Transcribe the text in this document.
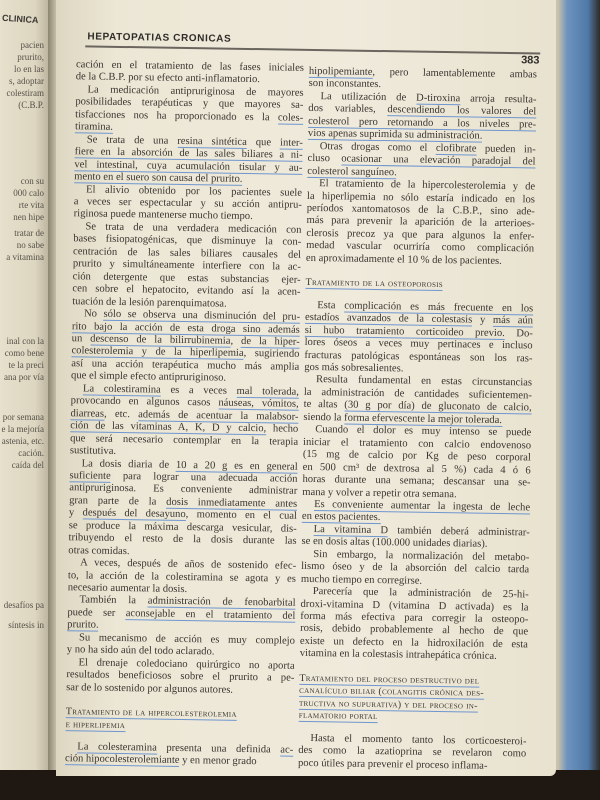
CLINICA
pacien
prurito,
lo en las
s, adoptar
colestiram
(C.B.P.
con su
000 calo
rte vita
nen hipe
tratar de
no sabe
a vitamina
inal con la
como bene
te la preci
ana por vía
por semana
e la mejoría
astenia, etc.
cación.
caída del
desafíos pa
síntesis in
HEPATOPATIAS CRONICAS
383
cación en el tratamiento de las fases iniciales
de la C.B.P. por su efecto anti-inflamatorio.
La medicación antipruriginosa de mayores
posibilidades terapéuticas y que mayores sa-
tisfacciones nos ha proporcionado es la coles-
tiramina.
Se trata de una resina sintética que inter-
fiere en la absorción de las sales biliares a ni-
vel intestinal, cuya acumulación tisular y au-
mento en el suero son causa del prurito.
El alivio obtenido por los pacientes suele
a veces ser espectacular y su acción antipru-
riginosa puede mantenerse mucho tiempo.
Se trata de una verdadera medicación con
bases fisiopatogénicas, que disminuye la con-
centración de las sales biliares causales del
prurito y simultáneamente interfiere con la ac-
ción detergente que estas substancias ejer-
cen sobre el hepatocito, evitando así la acen-
tuación de la lesión parenquimatosa.
No sólo se observa una disminución del pru-
rito bajo la acción de esta droga sino además
un descenso de la bilirrubinemia, de la hiper-
colesterolemia y de la hiperlipemia, sugiriendo
así una acción terapéutica mucho más amplia
que el simple efecto antipruriginoso.
La colestiramina es a veces mal tolerada,
provocando en algunos casos náuseas, vómitos,
diarreas, etc. además de acentuar la malabsor-
ción de las vitaminas A, K, D y calcio, hecho
que será necesario contemplar en la terapia
sustitutiva.
La dosis diaria de 10 a 20 g es en general
suficiente para lograr una adecuada acción
antipruriginosa. Es conveniente administrar
gran parte de la dosis inmediatamente antes
y después del desayuno, momento en el cual
se produce la máxima descarga vesicular, dis-
tribuyendo el resto de la dosis durante las
otras comidas.
A veces, después de años de sostenido efec-
to, la acción de la colestiramina se agota y es
necesario aumentar la dosis.
También la administración de fenobarbital
puede ser aconsejable en el tratamiento del
prurito.
Su mecanismo de acción es muy complejo
y no ha sido aún del todo aclarado.
El drenaje coledociano quirúrgico no aporta
resultados beneficiosos sobre el prurito a pe-
sar de lo sostenido por algunos autores.
Tratamiento de la hipercolesterolemia
e hiperlipemia
La colesteramina presenta una definida ac-
ción hipocolesterolemiante y en menor grado
hipolipemiante, pero lamentablemente ambas
son inconstantes.
La utilización de D-tiroxina arroja resulta-
dos variables, descendiendo los valores del
colesterol pero retornando a los niveles pre-
vios apenas suprimida su administración.
Otras drogas como el clofibrate pueden in-
cluso ocasionar una elevación paradojal del
colesterol sanguíneo.
El tratamiento de la hipercolesterolemia y de
la hiperlipemia no sólo estaría indicado en los
períodos xantomatosos de la C.B.P., sino ade-
más para prevenir la aparición de la arterioes-
clerosis precoz ya que para algunos la enfer-
medad vascular ocurriría como complicación
en aproximadamente el 10 % de los pacientes.
Tratamiento de la osteoporosis
Esta complicación es más frecuente en los
estadíos avanzados de la colestasis y más aún
si hubo tratamiento corticoideo previo. Do-
lores óseos a veces muy pertinaces e incluso
fracturas patológicas espontáneas son los ras-
gos más sobresalientes.
Resulta fundamental en estas circunstancias
la administración de cantidades suficientemen-
te altas (30 g por día) de gluconato de calcio,
siendo la forma efervescente la mejor tolerada.
Cuando el dolor es muy intenso se puede
iniciar el tratamiento con calcio endovenoso
(15 mg de calcio por Kg de peso corporal
en 500 cm³ de dextrosa al 5 %) cada 4 ó 6
horas durante una semana; descansar una se-
mana y volver a repetir otra semana.
Es conveniente aumentar la ingesta de leche
en estos pacientes.
La vitamina D también deberá administrar-
se en dosis altas (100.000 unidades diarias).
Sin embargo, la normalización del metabo-
lismo óseo y de la absorción del calcio tarda
mucho tiempo en corregirse.
Parecería que la administración de 25-hi-
droxi-vitamina D (vitamina D activada) es la
forma más efectiva para corregir la osteopo-
rosis, debido probablemente al hecho de que
existe un defecto en la hidroxilación de esta
vitamina en la colestasis intrahepática crónica.
Tratamiento del proceso destructivo del
canalículo biliar (colangitis crónica des-
tructiva no supurativa) y del proceso in-
flamatorio portal
Hasta el momento tanto los corticoesteroi-
des como la azatioprina se revelaron como
poco útiles para prevenir el proceso inflama-
